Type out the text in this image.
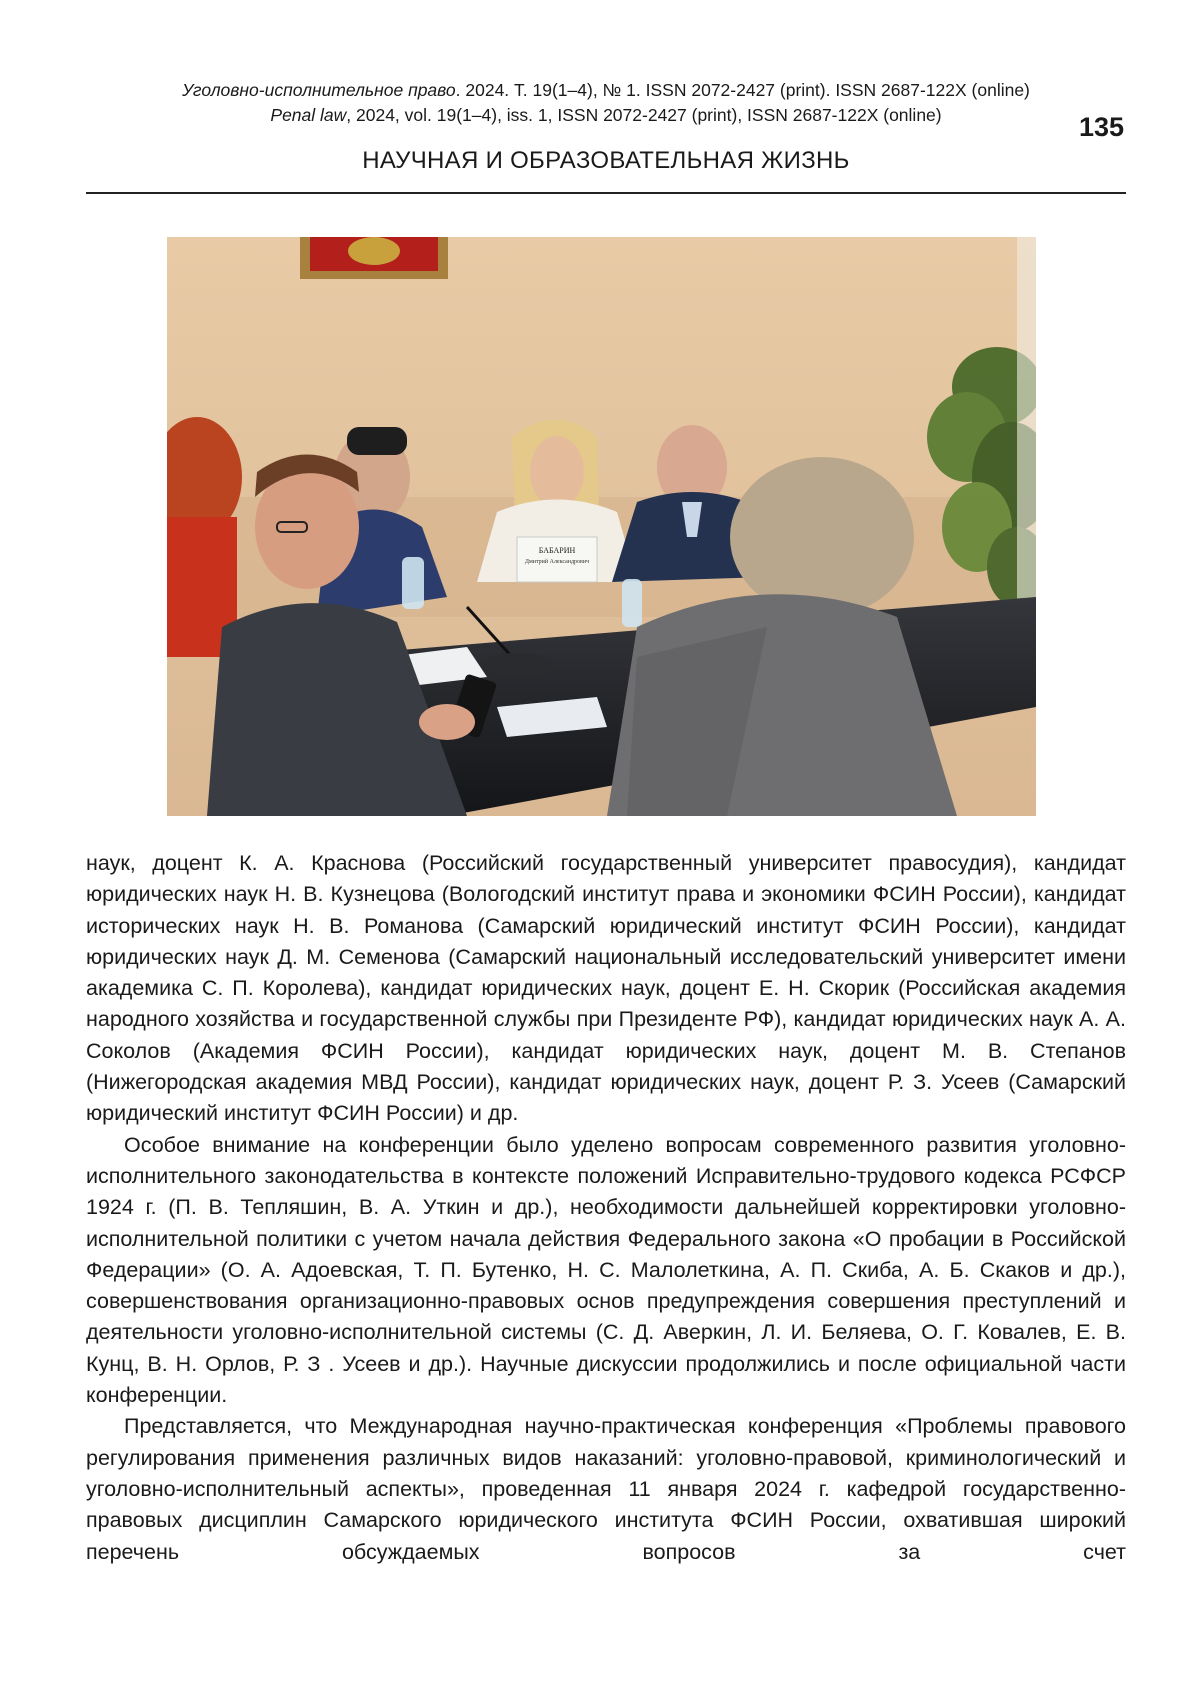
Уголовно-исполнительное право. 2024. Т. 19(1–4), № 1. ISSN 2072-2427 (print). ISSN 2687-122X (online)
Penal law, 2024, vol. 19(1–4), iss. 1, ISSN 2072-2427 (print), ISSN 2687-122X (online)	135
НАУЧНАЯ И ОБРАЗОВАТЕЛЬНАЯ ЖИЗНЬ
БАБАРИН
Дмитрий Александрович

наук, доцент К. А. Краснова (Российский государственный университет правосудия), кандидат юридических наук Н. В. Кузнецова (Вологодский институт права и экономики ФСИН России), кандидат исторических наук Н. В. Романова (Самарский юридический институт ФСИН России), кандидат юридических наук Д. М. Семенова (Самарский национальный исследовательский университет имени академика С. П. Королева), кандидат юридических наук, доцент Е. Н. Скорик (Российская академия народного хозяйства и государственной службы при Президенте РФ), кандидат юридических наук А. А. Соколов (Академия ФСИН России), кандидат юридических наук, доцент М. В. Степанов (Нижегородская академия МВД России), кандидат юридических наук, доцент Р. З. Усеев (Самарский юридический институт ФСИН России) и др.

Особое внимание на конференции было уделено вопросам современного развития уголовно-исполнительного законодательства в контексте положений Исправительно-трудового кодекса РСФСР 1924 г. (П. В. Тепляшин, В. А. Уткин и др.), необходимости дальнейшей корректировки уголовно-исполнительной политики с учетом начала действия Федерального закона «О пробации в Российской Федерации» (О. А. Адоевская, Т. П. Бутенко, Н. С. Малолеткина, А. П. Скиба, А. Б. Скаков и др.), совершенствования организационно-правовых основ предупреждения совершения преступлений и деятельности уголовно-исполнительной системы (С. Д. Аверкин, Л. И. Беляева, О. Г. Ковалев, Е. В. Кунц, В. Н. Орлов, Р. З . Усеев и др.). Научные дискуссии продолжились и после официальной части конференции.

Представляется, что Международная научно-практическая конференция «Проблемы правового регулирования применения различных видов наказаний: уголовно-правовой, криминологический и уголовно-исполнительный аспекты», проведенная 11 января 2024 г. кафедрой государственно-правовых дисциплин Самарского юридического института ФСИН России, охватившая широкий перечень обсуждаемых вопросов за счет
